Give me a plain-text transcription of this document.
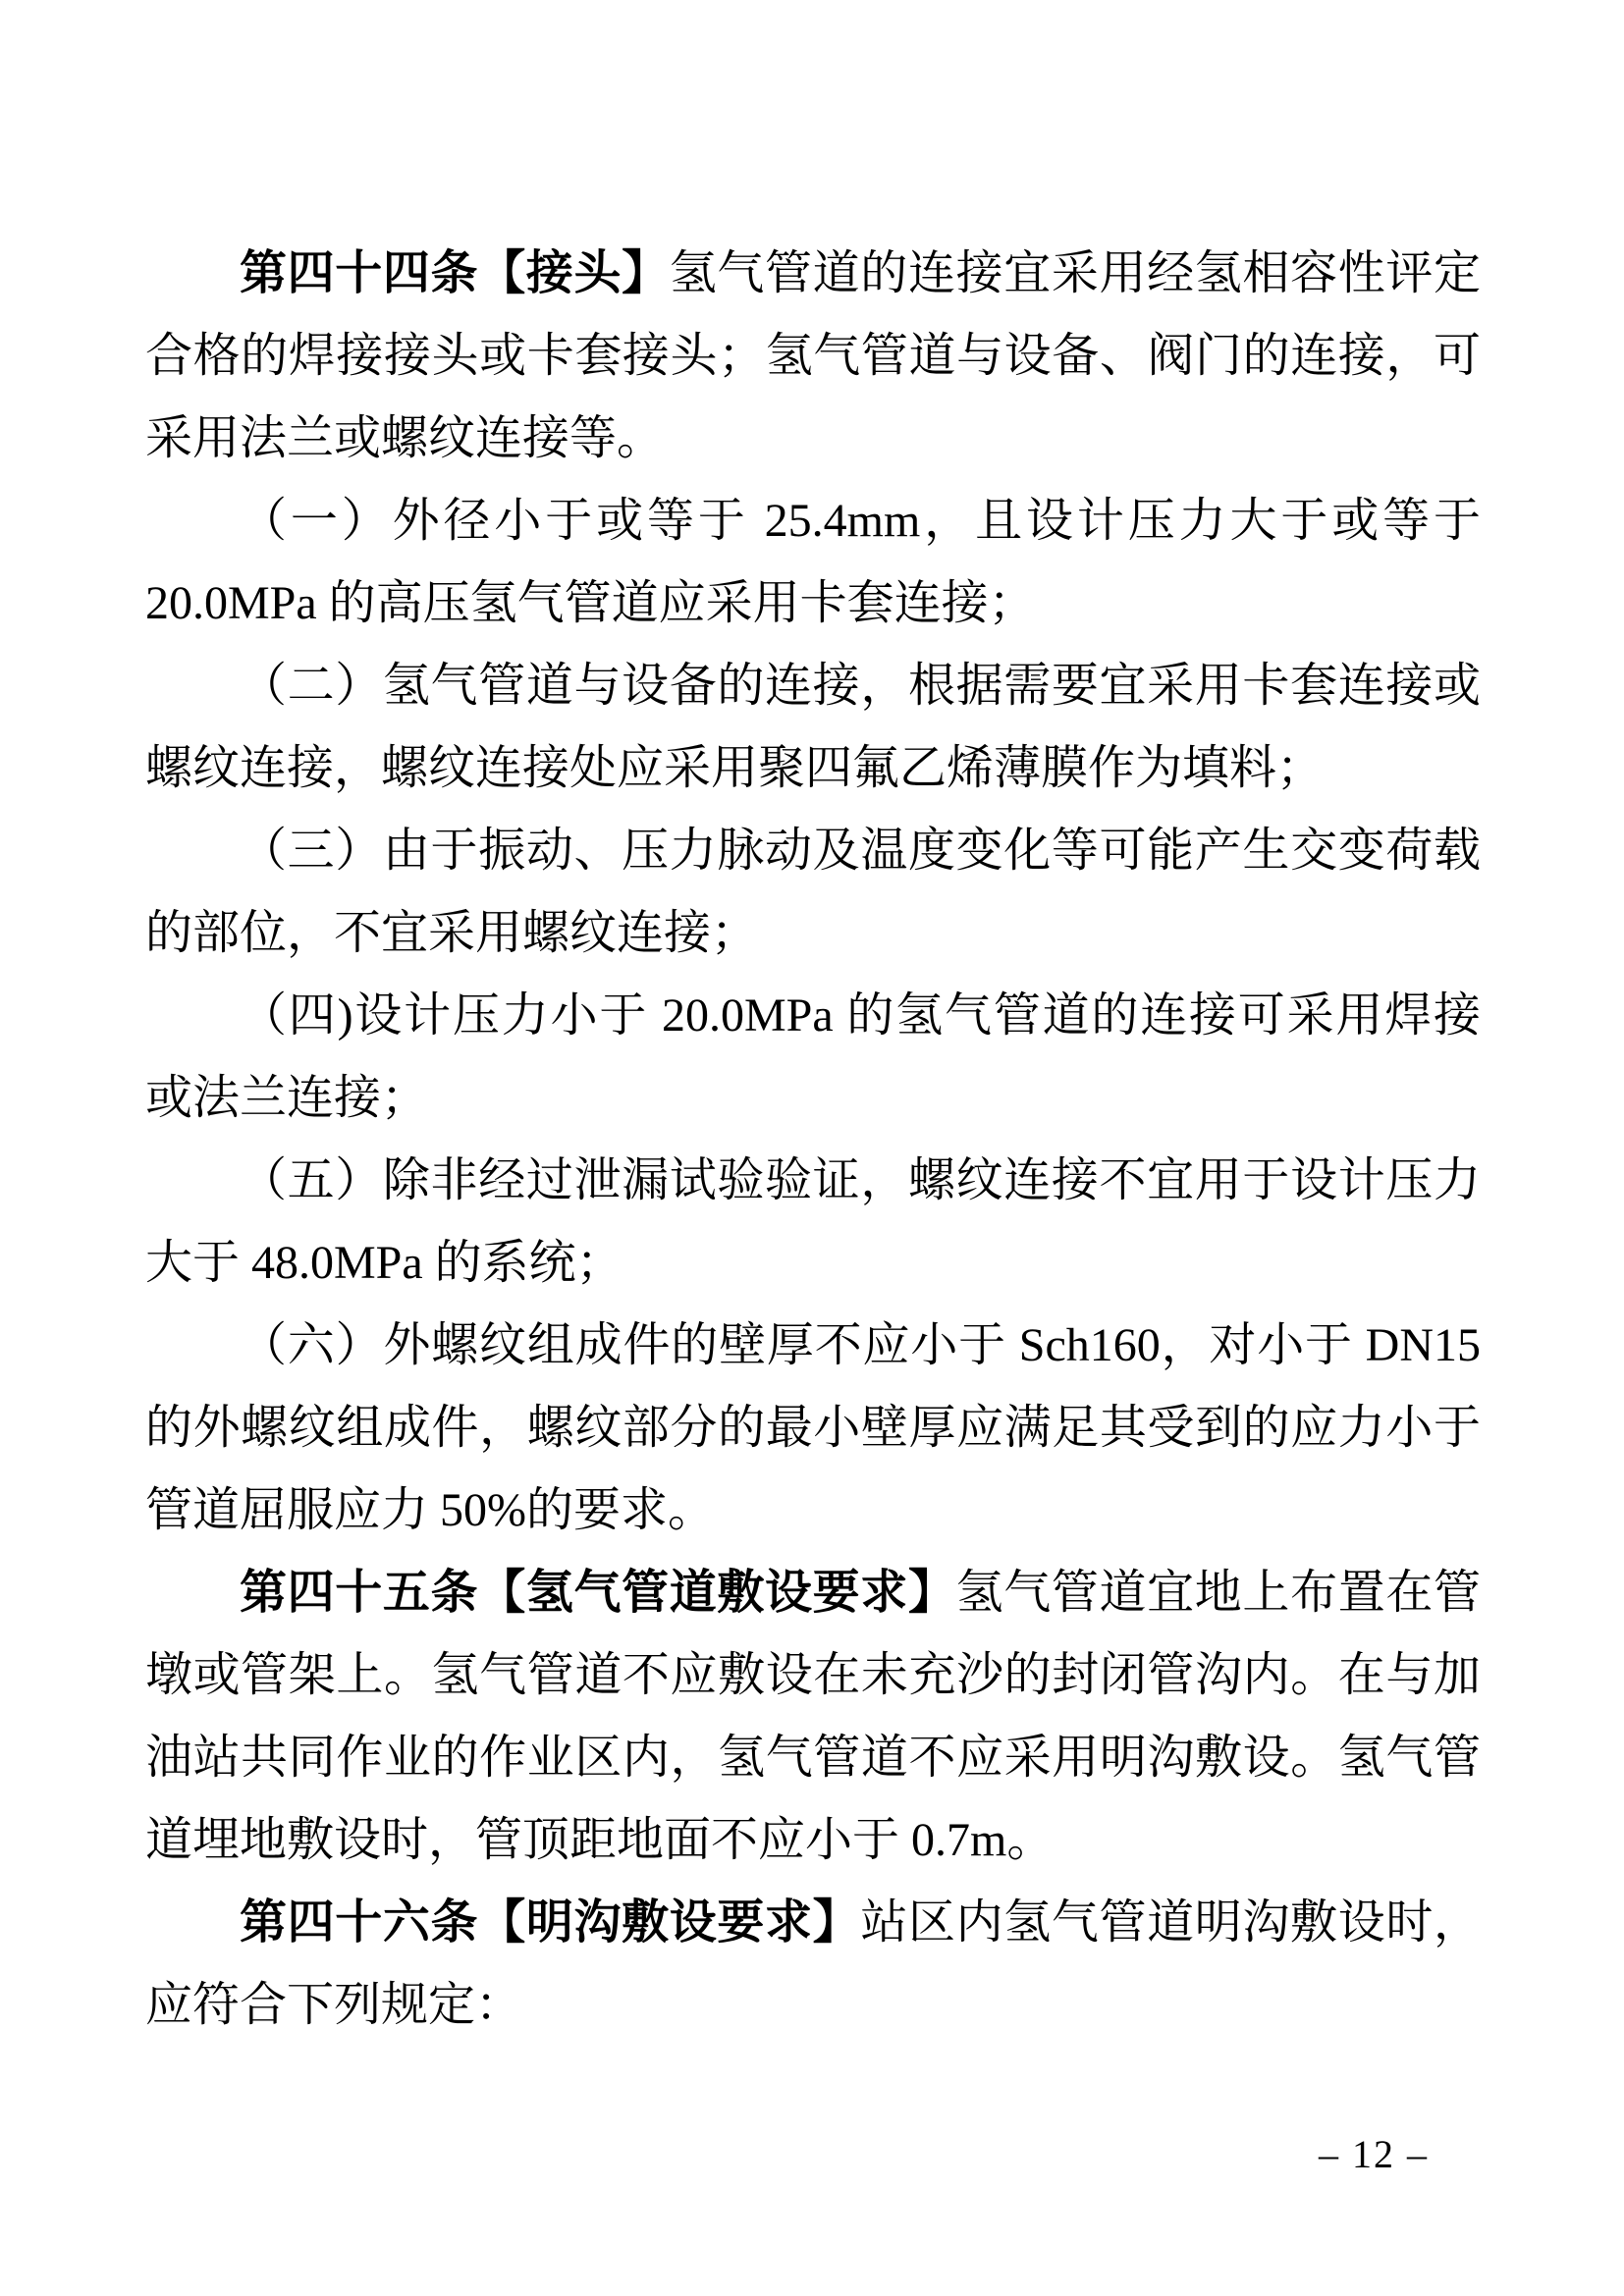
第四十四条【接头】氢气管道的连接宜采用经氢相容性评定合格的焊接接头或卡套接头；氢气管道与设备、阀门的连接，可采用法兰或螺纹连接等。

（一）外径小于或等于 25.4mm，且设计压力大于或等于20.0MPa 的高压氢气管道应采用卡套连接；

（二）氢气管道与设备的连接，根据需要宜采用卡套连接或螺纹连接，螺纹连接处应采用聚四氟乙烯薄膜作为填料；

（三）由于振动、压力脉动及温度变化等可能产生交变荷载的部位，不宜采用螺纹连接；

（四)设计压力小于 20.0MPa 的氢气管道的连接可采用焊接或法兰连接；

（五）除非经过泄漏试验验证，螺纹连接不宜用于设计压力大于 48.0MPa 的系统；

（六）外螺纹组成件的壁厚不应小于 Sch160，对小于 DN15的外螺纹组成件，螺纹部分的最小壁厚应满足其受到的应力小于管道屈服应力 50%的要求。

第四十五条【氢气管道敷设要求】氢气管道宜地上布置在管墩或管架上。氢气管道不应敷设在未充沙的封闭管沟内。在与加油站共同作业的作业区内，氢气管道不应采用明沟敷设。氢气管道埋地敷设时，管顶距地面不应小于 0.7m。

第四十六条【明沟敷设要求】站区内氢气管道明沟敷设时，应符合下列规定：

– 12 –
